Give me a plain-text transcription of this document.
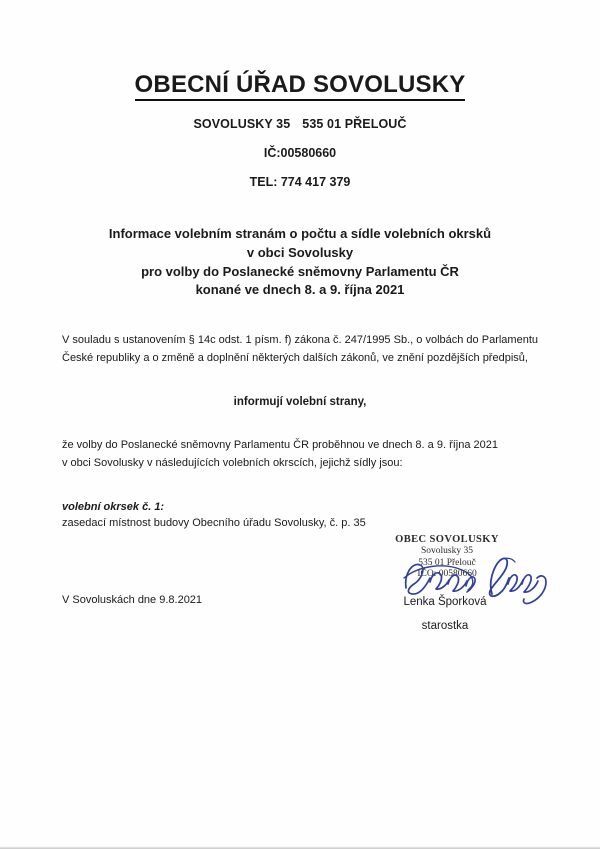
OBECNÍ ÚŘAD SOVOLUSKY

SOVOLUSKY 35 535 01 PŘELOUČ

IČ:00580660

TEL: 774 417 379

Informace volebním stranám o počtu a sídle volebních okrsků
v obci Sovolusky
pro volby do Poslanecké sněmovny Parlamentu ČR
konané ve dnech 8. a 9. října 2021

V souladu s ustanovením § 14c odst. 1 písm. f) zákona č. 247/1995 Sb., o volbách do Parlamentu České republiky a o změně a doplnění některých dalších zákonů, ve znění pozdějších předpisů,

informují volební strany,

že volby do Poslanecké sněmovny Parlamentu ČR proběhnou ve dnech 8. a 9. října 2021

v obci Sovolusky v následujících volebních okrscích, jejichž sídly jsou:

volební okrsek č. 1:

zasedací místnost budovy Obecního úřadu Sovolusky, č. p. 35

V Sovoluskách dne 9.8.2021

OBEC SOVOLUSKY
Sovolusky 35
535 01 Přelouč
IČO: 00580660
Lenka Šporková
starostka
